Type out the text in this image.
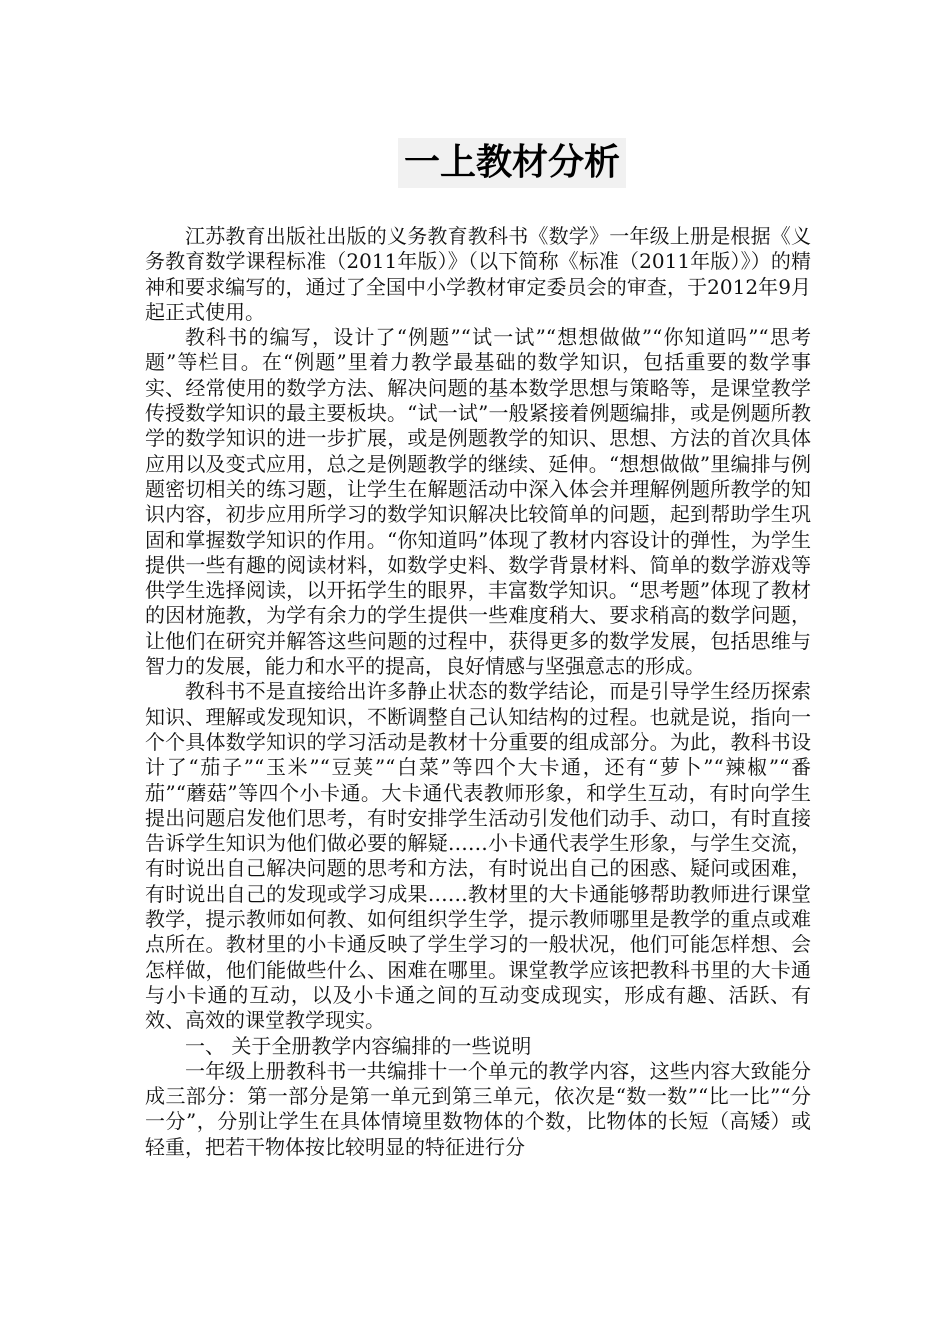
一上教材分析

江苏教育出版社出版的义务教育教科书《数学》一年级上册是根据《义务教育数学课程标准（2011年版）》（以下简称《标准（2011年版）》）的精神和要求编写的，通过了全国中小学教材审定委员会的审查，于2012年9月起正式使用。

教科书的编写，设计了“例题”“试一试”“想想做做”“你知道吗”“思考题”等栏目。在“例题”里着力教学最基础的数学知识，包括重要的数学事实、经常使用的数学方法、解决问题的基本数学思想与策略等，是课堂教学传授数学知识的最主要板块。“试一试”一般紧接着例题编排，或是例题所教学的数学知识的进一步扩展，或是例题教学的知识、思想、方法的首次具体应用以及变式应用，总之是例题教学的继续、延伸。“想想做做”里编排与例题密切相关的练习题，让学生在解题活动中深入体会并理解例题所教学的知识内容，初步应用所学习的数学知识解决比较简单的问题，起到帮助学生巩固和掌握数学知识的作用。“你知道吗”体现了教材内容设计的弹性，为学生提供一些有趣的阅读材料，如数学史料、数学背景材料、简单的数学游戏等供学生选择阅读，以开拓学生的眼界，丰富数学知识。“思考题”体现了教材的因材施教，为学有余力的学生提供一些难度稍大、要求稍高的数学问题，让他们在研究并解答这些问题的过程中，获得更多的数学发展，包括思维与智力的发展，能力和水平的提高，良好情感与坚强意志的形成。

教科书不是直接给出许多静止状态的数学结论，而是引导学生经历探索知识、理解或发现知识，不断调整自己认知结构的过程。也就是说，指向一个个具体数学知识的学习活动是教材十分重要的组成部分。为此，教科书设计了“茄子”“玉米”“豆荚”“白菜”等四个大卡通，还有“萝卜”“辣椒”“番茄”“蘑菇”等四个小卡通。大卡通代表教师形象，和学生互动，有时向学生提出问题启发他们思考，有时安排学生活动引发他们动手、动口，有时直接告诉学生知识为他们做必要的解疑……小卡通代表学生形象，与学生交流，有时说出自己解决问题的思考和方法，有时说出自己的困惑、疑问或困难，有时说出自己的发现或学习成果……教材里的大卡通能够帮助教师进行课堂教学，提示教师如何教、如何组织学生学，提示教师哪里是教学的重点或难点所在。教材里的小卡通反映了学生学习的一般状况，他们可能怎样想、会怎样做，他们能做些什么、困难在哪里。课堂教学应该把教科书里的大卡通与小卡通的互动，以及小卡通之间的互动变成现实，形成有趣、活跃、有效、高效的课堂教学现实。

一、 关于全册教学内容编排的一些说明

一年级上册教科书一共编排十一个单元的教学内容，这些内容大致能分成三部分：第一部分是第一单元到第三单元，依次是“数一数”“比一比”“分一分”，分别让学生在具体情境里数物体的个数，比物体的长短（高矮）或轻重，把若干物体按比较明显的特征进行分
